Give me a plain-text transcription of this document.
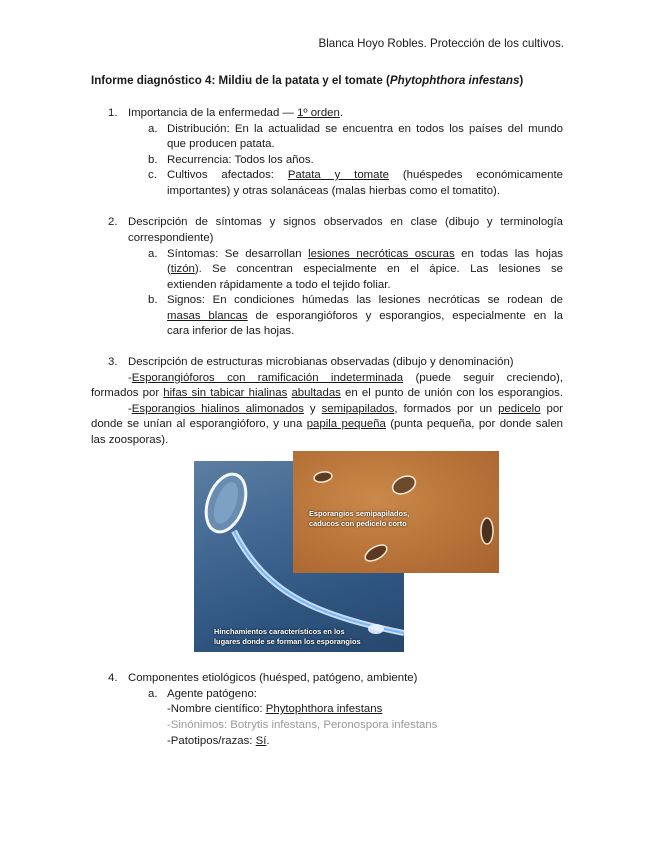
Blanca Hoyo Robles. Protección de los cultivos.
Informe diagnóstico 4: Mildiu de la patata y el tomate (Phytophthora infestans)
1. Importancia de la enfermedad — 1º orden.
a. Distribución: En la actualidad se encuentra en todos los países del mundo
que producen patata.
b. Recurrencia: Todos los años.
c. Cultivos afectados: Patata y tomate (huéspedes económicamente
importantes) y otras solanáceas (malas hierbas como el tomatito).
2. Descripción de síntomas y signos observados en clase (dibujo y terminología
correspondiente)
a. Síntomas: Se desarrollan lesiones necróticas oscuras en todas las hojas
(tizón). Se concentran especialmente en el ápice. Las lesiones se
extienden rápidamente a todo el tejido foliar.
b. Signos: En condiciones húmedas las lesiones necróticas se rodean de
masas blancas de esporangióforos y esporangios, especialmente en la
cara inferior de las hojas.
3. Descripción de estructuras microbianas observadas (dibujo y denominación)
-Esporangióforos con ramificación indeterminada (puede seguir creciendo),
formados por hifas sin tabicar hialinas abultadas en el punto de unión con los esporangios.
-Esporangios hialinos alimonados y semipapilados, formados por un pedicelo por
donde se unían al esporangióforo, y una papila pequeña (punta pequeña, por donde salen
las zoosporas).
Hinchamientos característicos en los
lugares donde se forman los esporangios
Esporangios semipapilados,
caducos con pedicelo corto
4. Componentes etiológicos (huésped, patógeno, ambiente)
a. Agente patógeno:
-Nombre científico: Phytophthora infestans
-Sinónimos: Botrytis infestans, Peronospora infestans
-Patotipos/razas: Sí.
